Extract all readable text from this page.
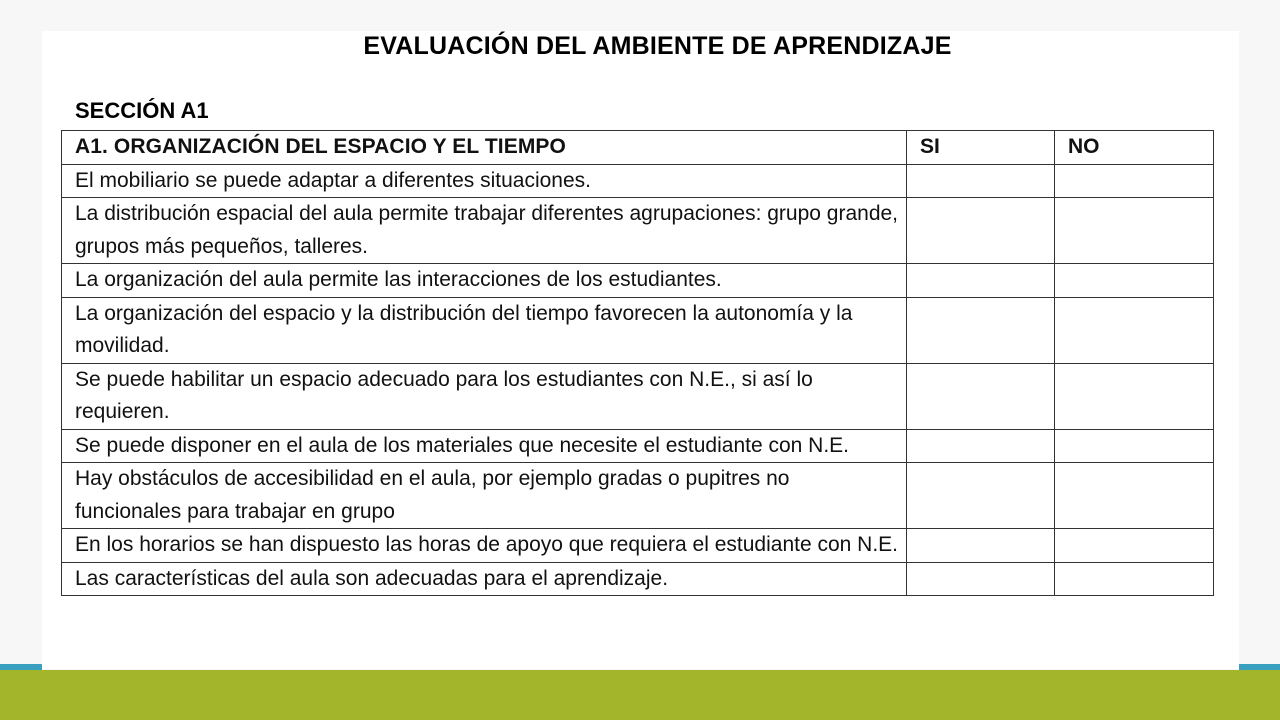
EVALUACIÓN DEL AMBIENTE DE APRENDIZAJE
SECCIÓN A1
A1. ORGANIZACIÓN DEL ESPACIO Y EL TIEMPO	SI	NO
El mobiliario se puede adaptar a diferentes situaciones.		
La distribución espacial del aula permite trabajar diferentes agrupaciones: grupo grande, grupos más pequeños, talleres.		
La organización del aula permite las interacciones de los estudiantes.		
La organización del espacio y la distribución del tiempo favorecen la autonomía y la movilidad.		
Se puede habilitar un espacio adecuado para los estudiantes con N.E., si así lo requieren.		
Se puede disponer en el aula de los materiales que necesite el estudiante con N.E.		
Hay obstáculos de accesibilidad en el aula, por ejemplo gradas o pupitres no funcionales para trabajar en grupo		
En los horarios se han dispuesto las horas de apoyo que requiera el estudiante con N.E.		
Las características del aula son adecuadas para el aprendizaje.		
